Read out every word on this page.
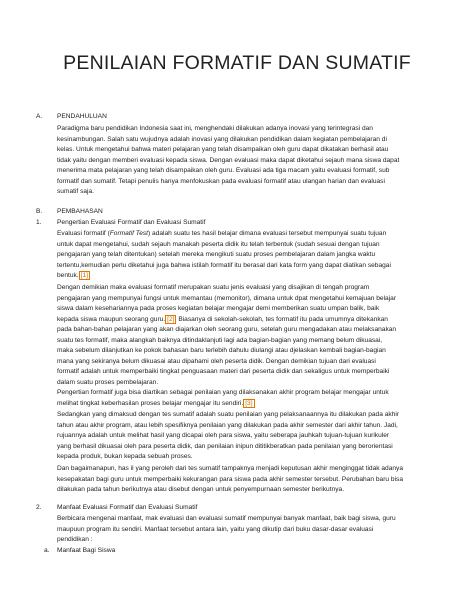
PENILAIAN FORMATIF DAN SUMATIF
A. PENDAHULUAN
Paradigma baru pendidikan Indonesia saat ini, menghendaki dilakukan adanya inovasi yang terintegrasi dan
kesinambungan. Salah satu wujudnya adalah inovasi yang dilakukan pendidikan dalam kegiatan pembelajaran di
kelas. Untuk mengetahui bahwa materi pelajaran yang telah disampaikan oleh guru dapat dikatakan berhasil atau
tidak yaitu dengan memberi evaluasi kepada siswa. Dengan evaluasi maka dapat diketahui sejauh mana siswa dapat
menerima mata pelajaran yang telah disampaikan oleh guru. Evaluasi ada tiga macam yaitu evaluasi formatif, sub
formatif dan sumatif. Tetapi penulis hanya menfokuskan pada evaluasi formatif atau ulangan harian dan evaluasi
sumatif saja.
B. PEMBAHASAN
1. Pengertian Evaluasi Formatif dan Evaluasi Sumatif
Evaluasi formatif (Formatif Test) adalah suatu tes hasil belajar dimana evaluasi tersebut mempunyai suatu tujuan
untuk dapat mengetahui, sudah sejauh manakah peserta didik itu telah terbentuk (sudah sesuai dengan tujuan
pengajaran yang telah ditentukan) setelah mereka mengikuti suatu proses pembelajaran dalam jangka waktu
tertentu,kemudian perlu diketahui juga bahwa istilah formatif itu berasal dari kata form yang dapat diatikan sebagai
bentuk. [1]
Dengan demikian maka evaluasi formatif merupakan suatu jenis evaluasi yang disajikan di tengah program
pengajaran yang mempunyai fungsi untuk memantau (memonitor), dimana untuk dpat mengetahui kemajuan belajar
siswa dalam kesehariannya pada proses kegiatan belajar mengajar demi memberikan suatu umpan balik, baik
kepada siswa maupun seorang guru. [2] Biasanya di sekolah-sekolah, tes formatif itu pada umumnya ditekankan
pada bahan-bahan pelajaran yang akan diajarkan oleh seorang guru, setelah guru mengadakan atau melaksanakan
suatu tes formatif, maka alangkah baiknya ditindaklanjuti lagi ada bagian-bagian yang memang belum dikuasai,
maka sebelum dilanjutkan ke pokok bahasan baru terlebih dahulu diulangi atau djelaskan kembali bagian-bagian
mana yang sekiranya belum dikuasai atau dipahami oleh peserta didik. Dengan demikian tujuan dari evaluasi
formatif adalah untuk memperbaiki tingkat penguasaan materi dari peserta didik dan sekaligus untuk memperbaiki
dalam suatu proses pembelajaran.
Pengertian formatif juga bisa diartikan sebagai penilaian yang dilaksanakan akhir program belajar mengajar untuk
melihat tingkat keberhasilan proses belajar mengajar itu sendiri. [3]
Sedangkan yang dimaksud dengan tes sumatif adalah suatu penilaian yang pelaksanaannya itu dilakukan pada akhir
tahun atau akhir program, atau lebih spesifiknya penilaian yang dilakukan pada akhir semester dari akhir tahun. Jadi,
rujuannya adalah untuk melihat hasil yang dicapai oleh para siswa, yaitu seberapa jauhkah tujuan-tujuan kurikuler
yang berhasil dikuasai oleh para peserta didik, dan penilaian inipun dititikberatkan pada penilaian yang berorientasi
kepada produk, bukan kepada sebuah proses.
Dan bagaimanapun, has il yang peroleh dari tes sumatif tampaknya menjadi keputusan akhir menginggat tidak adanya
kesepakatan bagi guru untuk memperbaiki kekurangan para siswa pada akhir semester tersebut. Perubahan baru bisa
dilakukan pada tahun berikutnya atau disebut dengan untuk penyempurnaan semester berikutnya.
2. Manfaat Evaluasi Formatif dan Evaluasi Sumatif
Berbicara mengenai manfaat, mak evaluasi dan evaluasi sumatif mempunyai banyak manfaat, baik bagi siswa, guru
maupuun program itu sendiri. Manfaat tersebut antara lain, yaitu yang dikutip dari buku dasar-dasar evaluasi
pendidikan :
a. Manfaat Bagi Siswa
